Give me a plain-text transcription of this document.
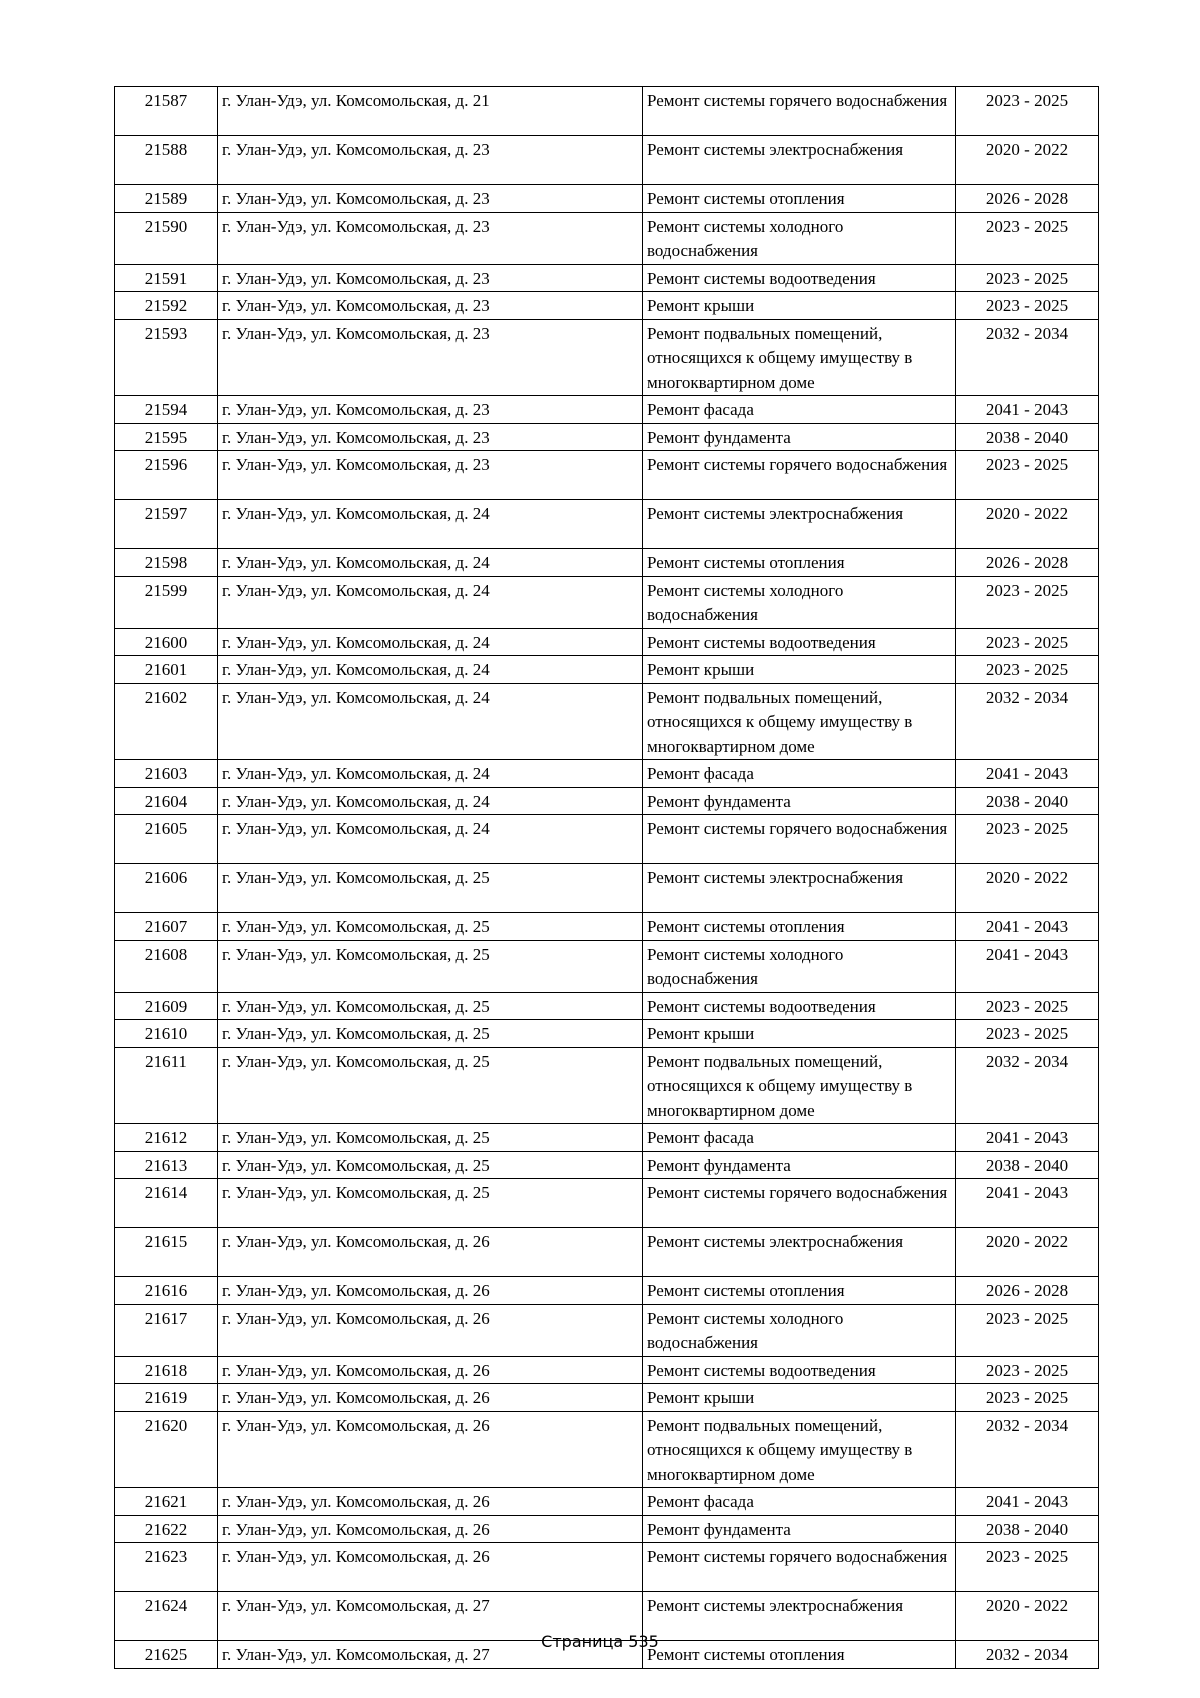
21587	г. Улан-Удэ, ул. Комсомольская, д. 21	Ремонт системы горячего водоснабжения	2023 - 2025
21588	г. Улан-Удэ, ул. Комсомольская, д. 23	Ремонт системы электроснабжения	2020 - 2022
21589	г. Улан-Удэ, ул. Комсомольская, д. 23	Ремонт системы отопления	2026 - 2028
21590	г. Улан-Удэ, ул. Комсомольская, д. 23	Ремонт системы холодного водоснабжения	2023 - 2025
21591	г. Улан-Удэ, ул. Комсомольская, д. 23	Ремонт системы водоотведения	2023 - 2025
21592	г. Улан-Удэ, ул. Комсомольская, д. 23	Ремонт крыши	2023 - 2025
21593	г. Улан-Удэ, ул. Комсомольская, д. 23	Ремонт подвальных помещений, относящихся к общему имуществу в многоквартирном доме	2032 - 2034
21594	г. Улан-Удэ, ул. Комсомольская, д. 23	Ремонт фасада	2041 - 2043
21595	г. Улан-Удэ, ул. Комсомольская, д. 23	Ремонт фундамента	2038 - 2040
21596	г. Улан-Удэ, ул. Комсомольская, д. 23	Ремонт системы горячего водоснабжения	2023 - 2025
21597	г. Улан-Удэ, ул. Комсомольская, д. 24	Ремонт системы электроснабжения	2020 - 2022
21598	г. Улан-Удэ, ул. Комсомольская, д. 24	Ремонт системы отопления	2026 - 2028
21599	г. Улан-Удэ, ул. Комсомольская, д. 24	Ремонт системы холодного водоснабжения	2023 - 2025
21600	г. Улан-Удэ, ул. Комсомольская, д. 24	Ремонт системы водоотведения	2023 - 2025
21601	г. Улан-Удэ, ул. Комсомольская, д. 24	Ремонт крыши	2023 - 2025
21602	г. Улан-Удэ, ул. Комсомольская, д. 24	Ремонт подвальных помещений, относящихся к общему имуществу в многоквартирном доме	2032 - 2034
21603	г. Улан-Удэ, ул. Комсомольская, д. 24	Ремонт фасада	2041 - 2043
21604	г. Улан-Удэ, ул. Комсомольская, д. 24	Ремонт фундамента	2038 - 2040
21605	г. Улан-Удэ, ул. Комсомольская, д. 24	Ремонт системы горячего водоснабжения	2023 - 2025
21606	г. Улан-Удэ, ул. Комсомольская, д. 25	Ремонт системы электроснабжения	2020 - 2022
21607	г. Улан-Удэ, ул. Комсомольская, д. 25	Ремонт системы отопления	2041 - 2043
21608	г. Улан-Удэ, ул. Комсомольская, д. 25	Ремонт системы холодного водоснабжения	2041 - 2043
21609	г. Улан-Удэ, ул. Комсомольская, д. 25	Ремонт системы водоотведения	2023 - 2025
21610	г. Улан-Удэ, ул. Комсомольская, д. 25	Ремонт крыши	2023 - 2025
21611	г. Улан-Удэ, ул. Комсомольская, д. 25	Ремонт подвальных помещений, относящихся к общему имуществу в многоквартирном доме	2032 - 2034
21612	г. Улан-Удэ, ул. Комсомольская, д. 25	Ремонт фасада	2041 - 2043
21613	г. Улан-Удэ, ул. Комсомольская, д. 25	Ремонт фундамента	2038 - 2040
21614	г. Улан-Удэ, ул. Комсомольская, д. 25	Ремонт системы горячего водоснабжения	2041 - 2043
21615	г. Улан-Удэ, ул. Комсомольская, д. 26	Ремонт системы электроснабжения	2020 - 2022
21616	г. Улан-Удэ, ул. Комсомольская, д. 26	Ремонт системы отопления	2026 - 2028
21617	г. Улан-Удэ, ул. Комсомольская, д. 26	Ремонт системы холодного водоснабжения	2023 - 2025
21618	г. Улан-Удэ, ул. Комсомольская, д. 26	Ремонт системы водоотведения	2023 - 2025
21619	г. Улан-Удэ, ул. Комсомольская, д. 26	Ремонт крыши	2023 - 2025
21620	г. Улан-Удэ, ул. Комсомольская, д. 26	Ремонт подвальных помещений, относящихся к общему имуществу в многоквартирном доме	2032 - 2034
21621	г. Улан-Удэ, ул. Комсомольская, д. 26	Ремонт фасада	2041 - 2043
21622	г. Улан-Удэ, ул. Комсомольская, д. 26	Ремонт фундамента	2038 - 2040
21623	г. Улан-Удэ, ул. Комсомольская, д. 26	Ремонт системы горячего водоснабжения	2023 - 2025
21624	г. Улан-Удэ, ул. Комсомольская, д. 27	Ремонт системы электроснабжения	2020 - 2022
21625	г. Улан-Удэ, ул. Комсомольская, д. 27	Ремонт системы отопления	2032 - 2034
Страница 535
